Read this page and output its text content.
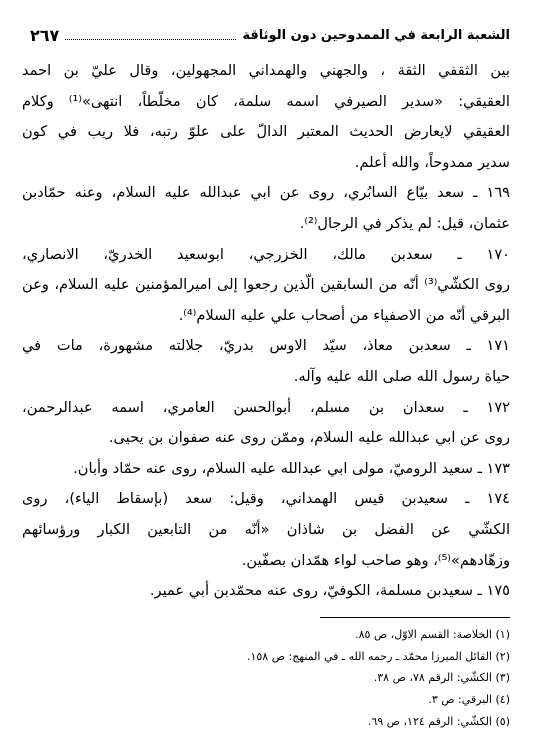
الشعبة الرابعة في الممدوحين دون الوثاقة
٢٦٧
بين الثقفي الثقة ، والجهني والهمداني المجهولين، وقال عليّ بن احمد
العقيقي: «سدير الصيرفي اسمه سلمة، كان مخلّطاً، انتهى»⁽¹⁾ وكلام
العقيقي لايعارض الحديث المعتبر الدالّ على علوّ رتبه، فلا ريب في كون
سدير ممدوحاً، والله أعلم.
١٦٩ ـ سعد بيّاع السابُري، روى عن ابي عبدالله عليه السلام، وعنه حمّادبن
عثمان، قيل: لم يذكر في الرجال⁽²⁾.
١٧٠ ـ سعدبن مالك، الخزرجي، ابوسعيد الخدريّ، الانصاري،
روى الكشّي⁽³⁾ أنّه من السابقين الّذين رجعوا إلى اميرالمؤمنين عليه السلام، وعن
البرقي أنّه من الاصفياء من أصحاب علي عليه السلام⁽⁴⁾.
١٧١ ـ سعدبن معاذ، سيّد الاوس بدريّ، جلالته مشهورة، مات في
حياة رسول الله صلى الله عليه وآله.
١٧٢ ـ سعدان بن مسلم، أبوالحسن العامري، اسمه عبدالرحمن،
روى عن ابي عبدالله عليه السلام، وممّن روى عنه صفوان بن يحيى.
١٧٣ ـ سعيد الروميّ، مولى ابي عبدالله عليه السلام، روى عنه حمّاد وأبان.
١٧٤ ـ سعيدبن قيس الهمداني، وقيل: سعد (بإسقاط الياء)، روى
الكشّي عن الفضل بن شاذان «أنّه من التابعين الكبار ورؤسائهم
وزهّادهم»⁽⁵⁾، وهو صاحب لواء همّدان بصفّين.
١٧٥ ـ سعيدبن مسلمة، الكوفيّ، روى عنه محمّدبن أبي عمير.
(١) الخلاصة: القسم الاوّل، ص ٨٥.
(٢) القائل الميرزا محمّد ـ رحمه الله ـ في المنهج: ص ١٥٨.
(٣) الكشّي: الرقم ٧٨، ص ٣٨.
(٤) البرقي: ص ٣.
(٥) الكشّي: الرقم ١٢٤، ص ٦٩.
